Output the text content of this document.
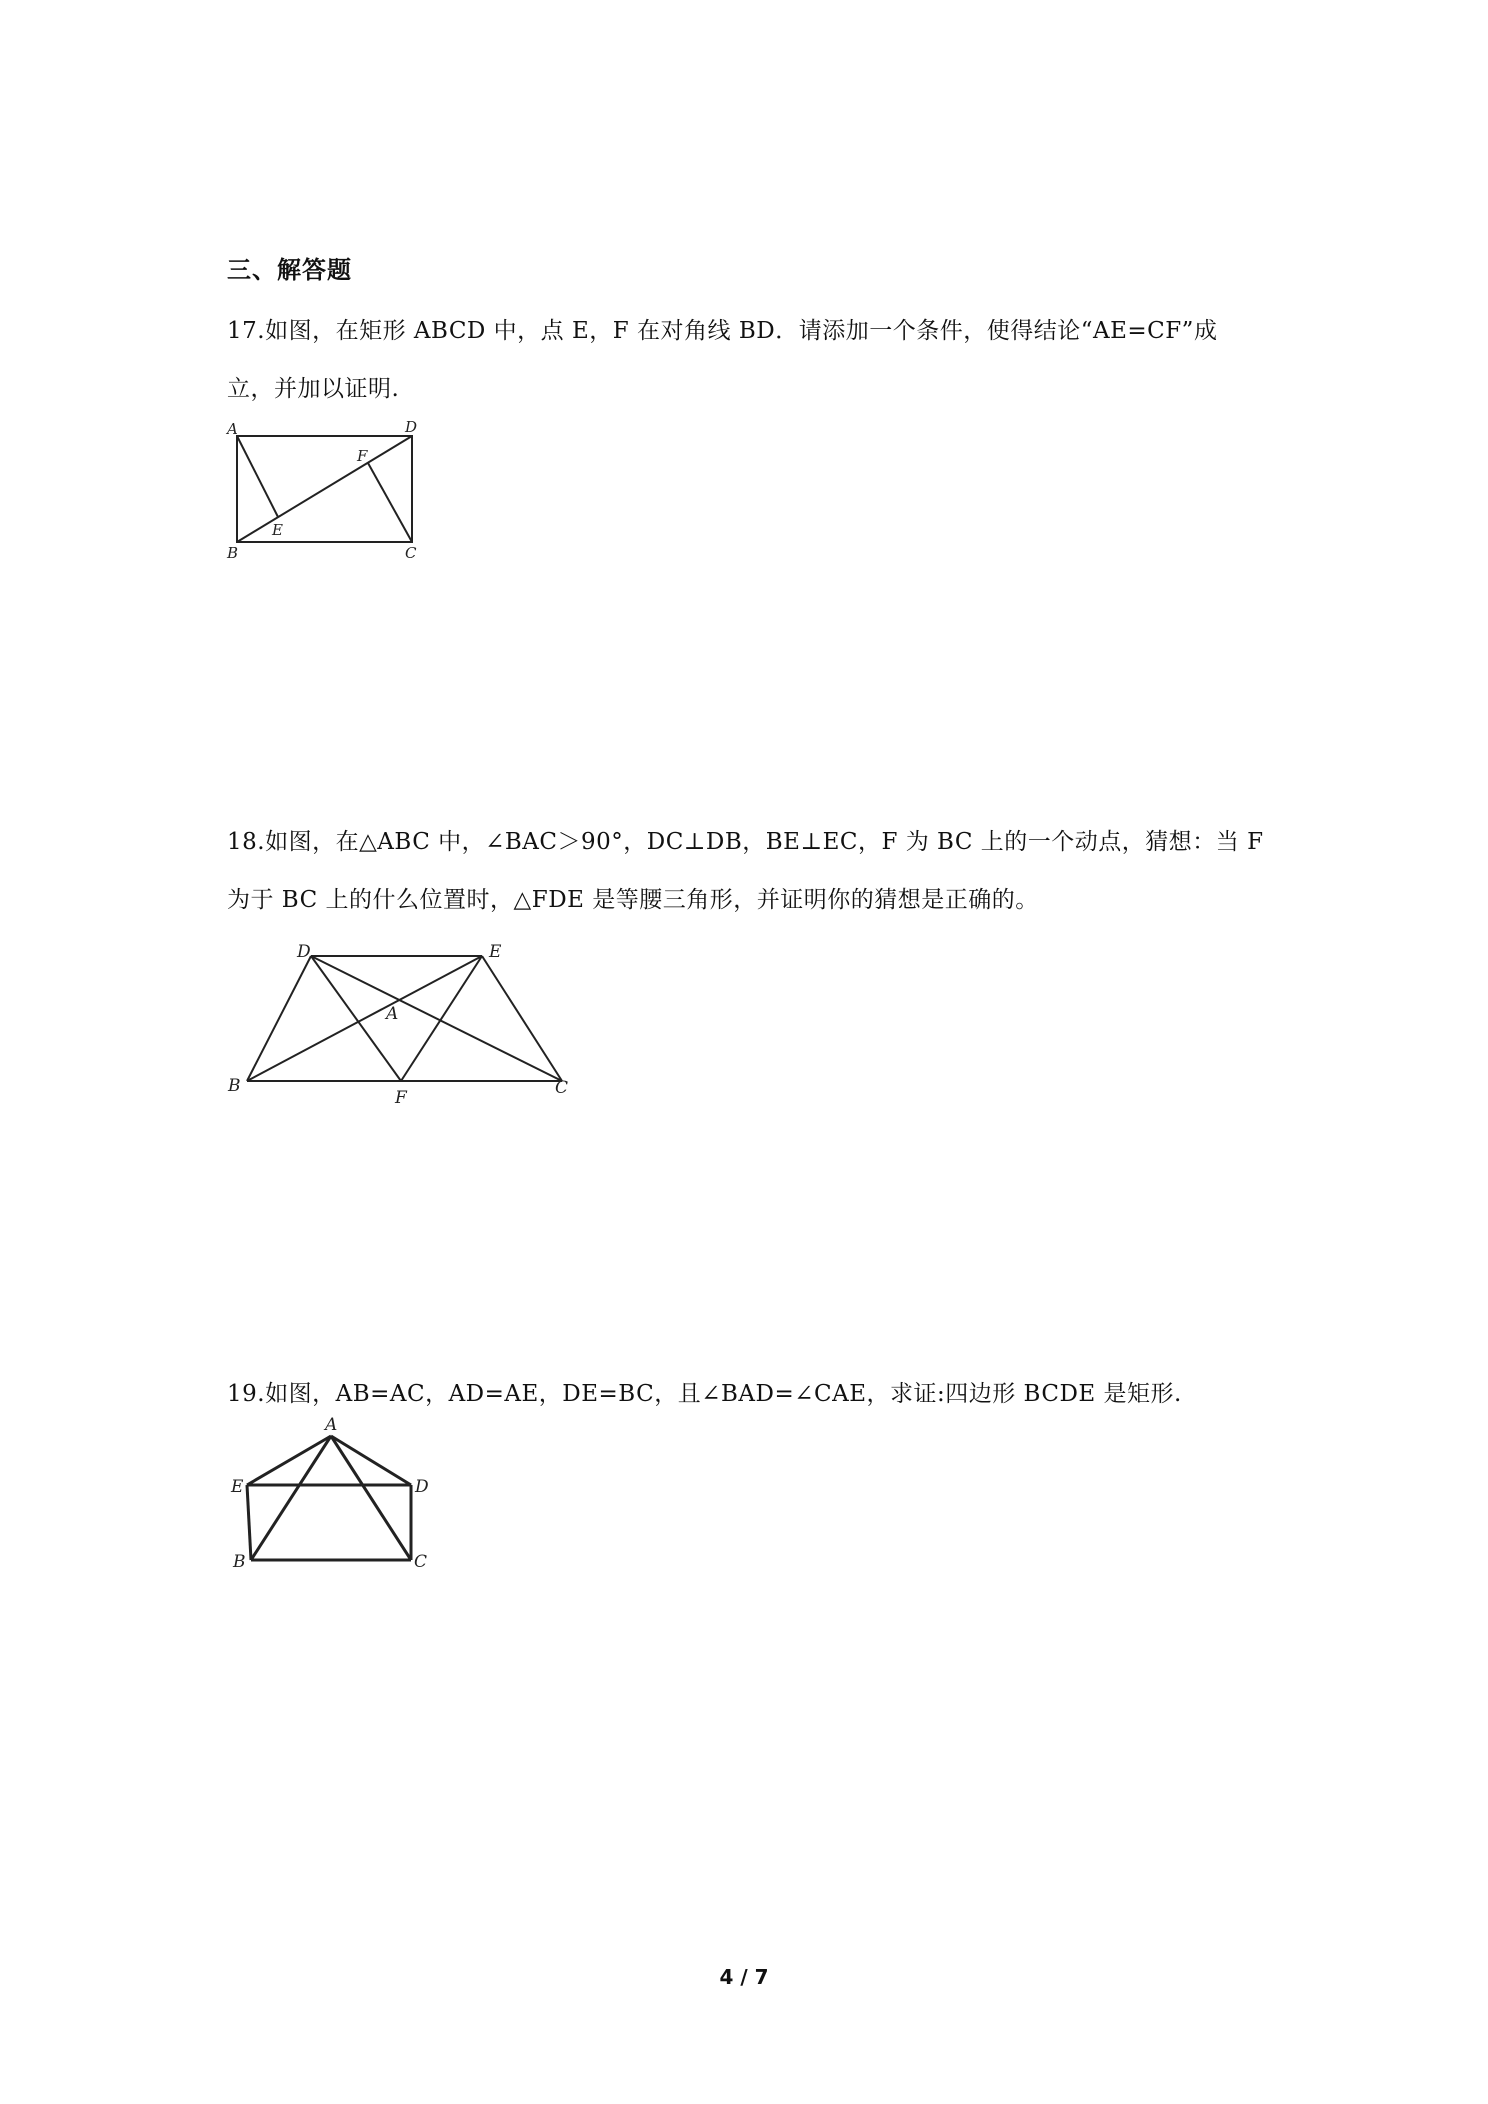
三、解答题
17.如图，在矩形 ABCD 中，点 E，F 在对角线 BD．请添加一个条件，使得结论“AE=CF”成
立，并加以证明.
A	D
F
E
B	C
18.如图，在△ABC 中，∠BAC＞90°，DC⊥DB，BE⊥EC，F 为 BC 上的一个动点，猜想：当 F
为于 BC 上的什么位置时，△FDE 是等腰三角形，并证明你的猜想是正确的。
D	E
A
B
F	C
19.如图，AB=AC，AD=AE，DE=BC，且∠BAD=∠CAE，求证:四边形 BCDE 是矩形.
A
E	D
B	C
4 / 7
